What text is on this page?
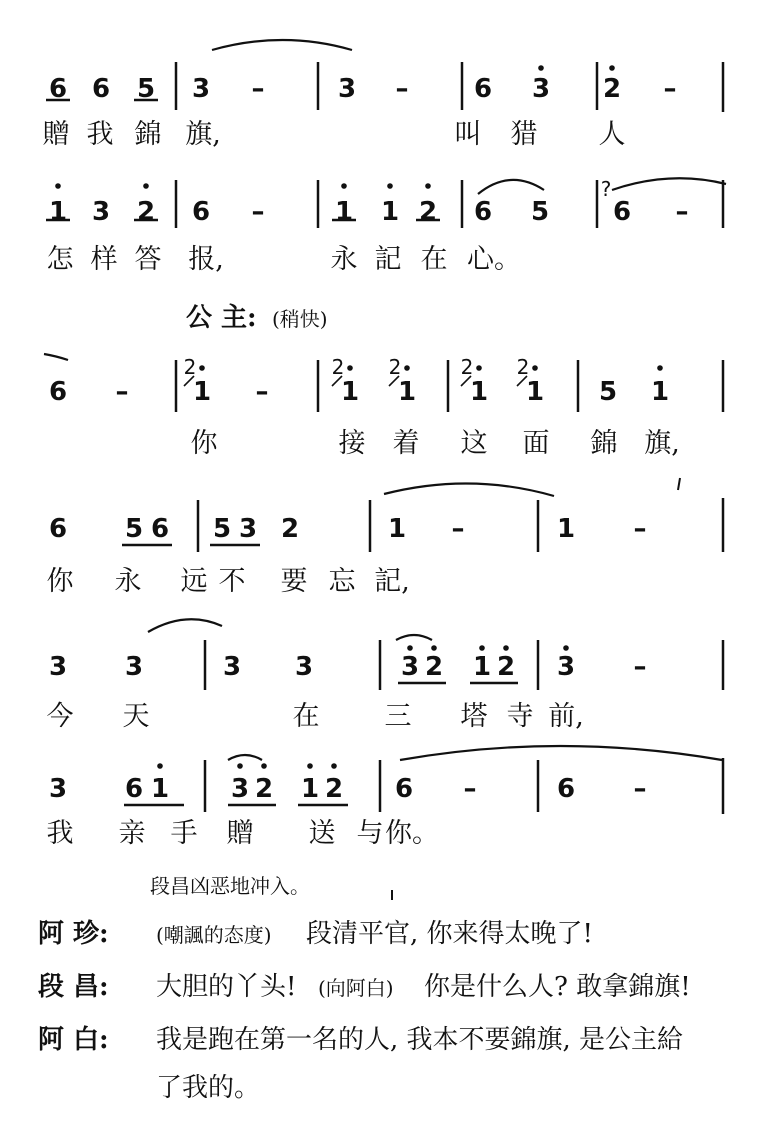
6 6 5 3 –	3 –	6 3 2 –
1 3 2 6 –	1 1 2 6 5 6 –
6 – 1 –	1 1 1 1 5 1
6 5 6 5 3 2	1 –	1 –
3 3	3 3	3 2 1 2 3 –
3 6 1 3 2 1 2 6 –	6 –
2	2 2	2 2
?
贈 我 錦 旗,	叫 猎 人
怎 样 答 报,	永 記 在 心。
你	接 着 这 面 錦 旗,
你 永 远 不 要 忘 記,
今 天	在 三 塔 寺 前,
我 亲 手 贈 送 与 你。
公 主: (稍快)
段昌凶恶地冲入。
阿 珍: (嘲諷的态度) 段清平官, 你来得太晚了!
段 昌: 大胆的丫头! (向阿白) 你是什么人? 敢拿錦旗!
阿 白: 我是跑在第一名的人, 我本不要錦旗, 是公主給
了我的。
